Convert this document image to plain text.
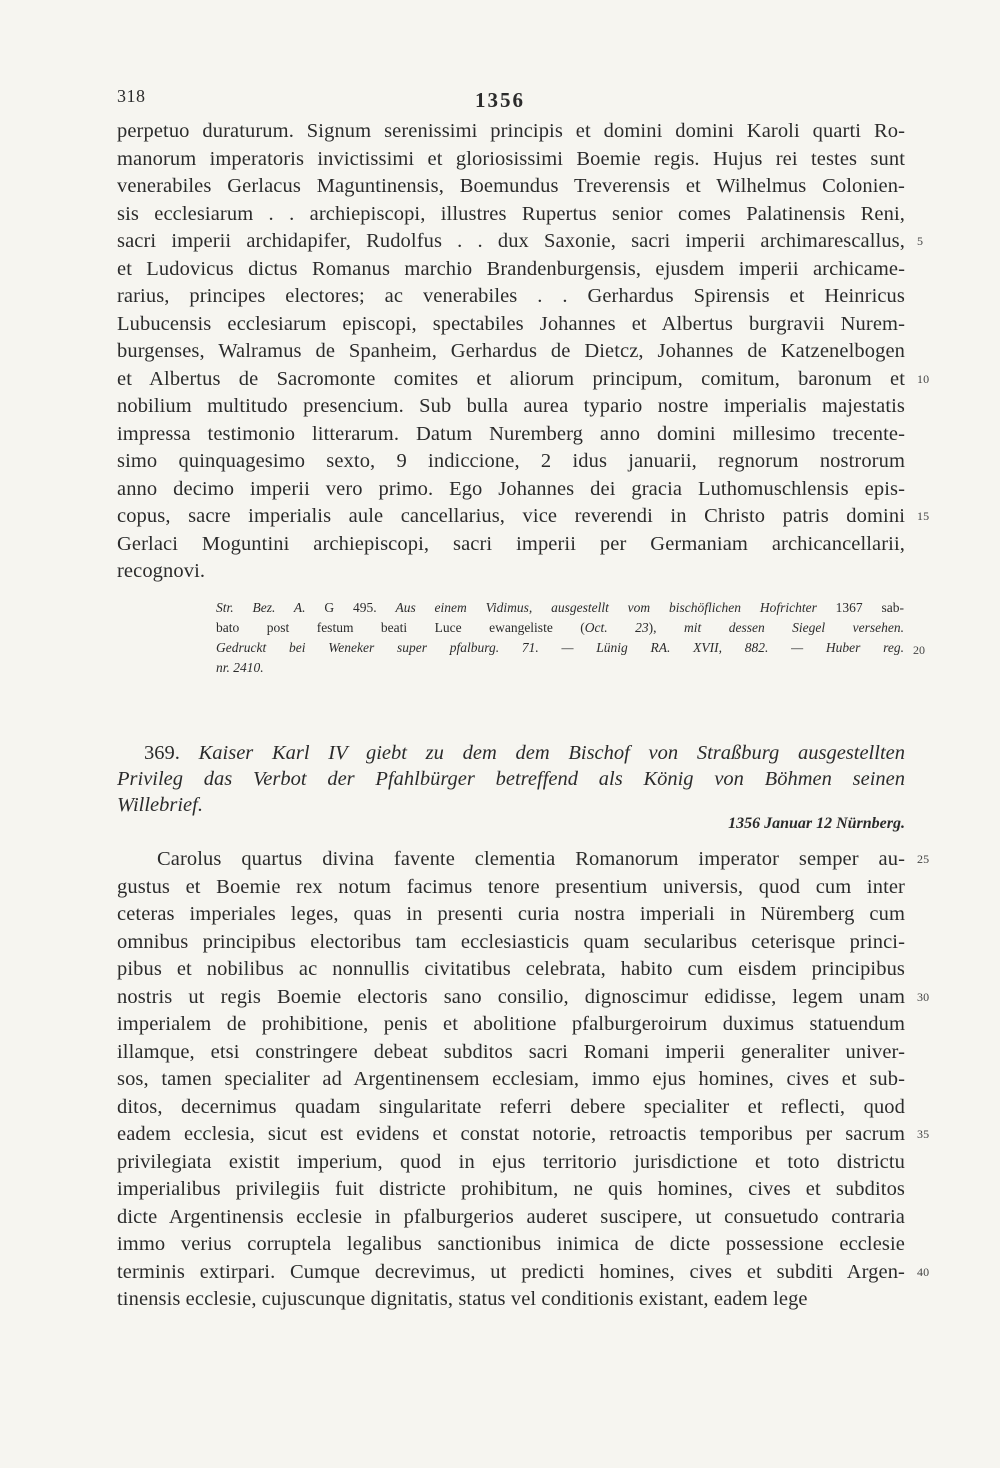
318	1356
perpetuo duraturum. Signum serenissimi principis et domini domini Karoli quarti Ro-
manorum imperatoris invictissimi et gloriosissimi Boemie regis. Hujus rei testes sunt
venerabiles Gerlacus Maguntinensis, Boemundus Treverensis et Wilhelmus Colonien-
sis ecclesiarum . . archiepiscopi, illustres Rupertus senior comes Palatinensis Reni,
sacri imperii archidapifer, Rudolfus . . dux Saxonie, sacri imperii archimarescallus, 5
et Ludovicus dictus Romanus marchio Brandenburgensis, ejusdem imperii archicame-
rarius, principes electores; ac venerabiles . . Gerhardus Spirensis et Heinricus
Lubucensis ecclesiarum episcopi, spectabiles Johannes et Albertus burgravii Nurem-
burgenses, Walramus de Spanheim, Gerhardus de Dietcz, Johannes de Katzenelbogen
et Albertus de Sacromonte comites et aliorum principum, comitum, baronum et 10
nobilium multitudo presencium. Sub bulla aurea typario nostre imperialis majestatis
impressa testimonio litterarum. Datum Nuremberg anno domini millesimo trecente-
simo quinquagesimo sexto, 9 indiccione, 2 idus januarii, regnorum nostrorum
anno decimo imperii vero primo. Ego Johannes dei gracia Luthomuschlensis epis-
copus, sacre imperialis aule cancellarius, vice reverendi in Christo patris domini 15
Gerlaci Moguntini archiepiscopi, sacri imperii per Germaniam archicancellarii,
recognovi.
Str. Bez. A. G 495. Aus einem Vidimus, ausgestellt vom bischöflichen Hofrichter 1367 sab-
bato post festum beati Luce ewangeliste (Oct. 23), mit dessen Siegel versehen.
Gedruckt bei Weneker super pfalburg. 71. — Lünig RA. XVII, 882. — Huber reg. 20
nr. 2410.
369. Kaiser Karl IV giebt zu dem dem Bischof von Straßburg ausgestellten
Privileg das Verbot der Pfahlbürger betreffend als König von Böhmen seinen
Willebrief.
1356 Januar 12 Nürnberg.
Carolus quartus divina favente clementia Romanorum imperator semper au- 25
gustus et Boemie rex notum facimus tenore presentium universis, quod cum inter
ceteras imperiales leges, quas in presenti curia nostra imperiali in Nüremberg cum
omnibus principibus electoribus tam ecclesiasticis quam secularibus ceterisque princi-
pibus et nobilibus ac nonnullis civitatibus celebrata, habito cum eisdem principibus
nostris ut regis Boemie electoris sano consilio, dignoscimur edidisse, legem unam 30
imperialem de prohibitione, penis et abolitione pfalburgeroirum duximus statuendum
illamque, etsi constringere debeat subditos sacri Romani imperii generaliter univer-
sos, tamen specialiter ad Argentinensem ecclesiam, immo ejus homines, cives et sub-
ditos, decernimus quadam singularitate referri debere specialiter et reflecti, quod
eadem ecclesia, sicut est evidens et constat notorie, retroactis temporibus per sacrum 35
privilegiata existit imperium, quod in ejus territorio jurisdictione et toto districtu
imperialibus privilegiis fuit districte prohibitum, ne quis homines, cives et subditos
dicte Argentinensis ecclesie in pfalburgerios auderet suscipere, ut consuetudo contraria
immo verius corruptela legalibus sanctionibus inimica de dicte possessione ecclesie
terminis extirpari. Cumque decrevimus, ut predicti homines, cives et subditi Argen- 40
tinensis ecclesie, cujuscunque dignitatis, status vel conditionis existant, eadem lege
